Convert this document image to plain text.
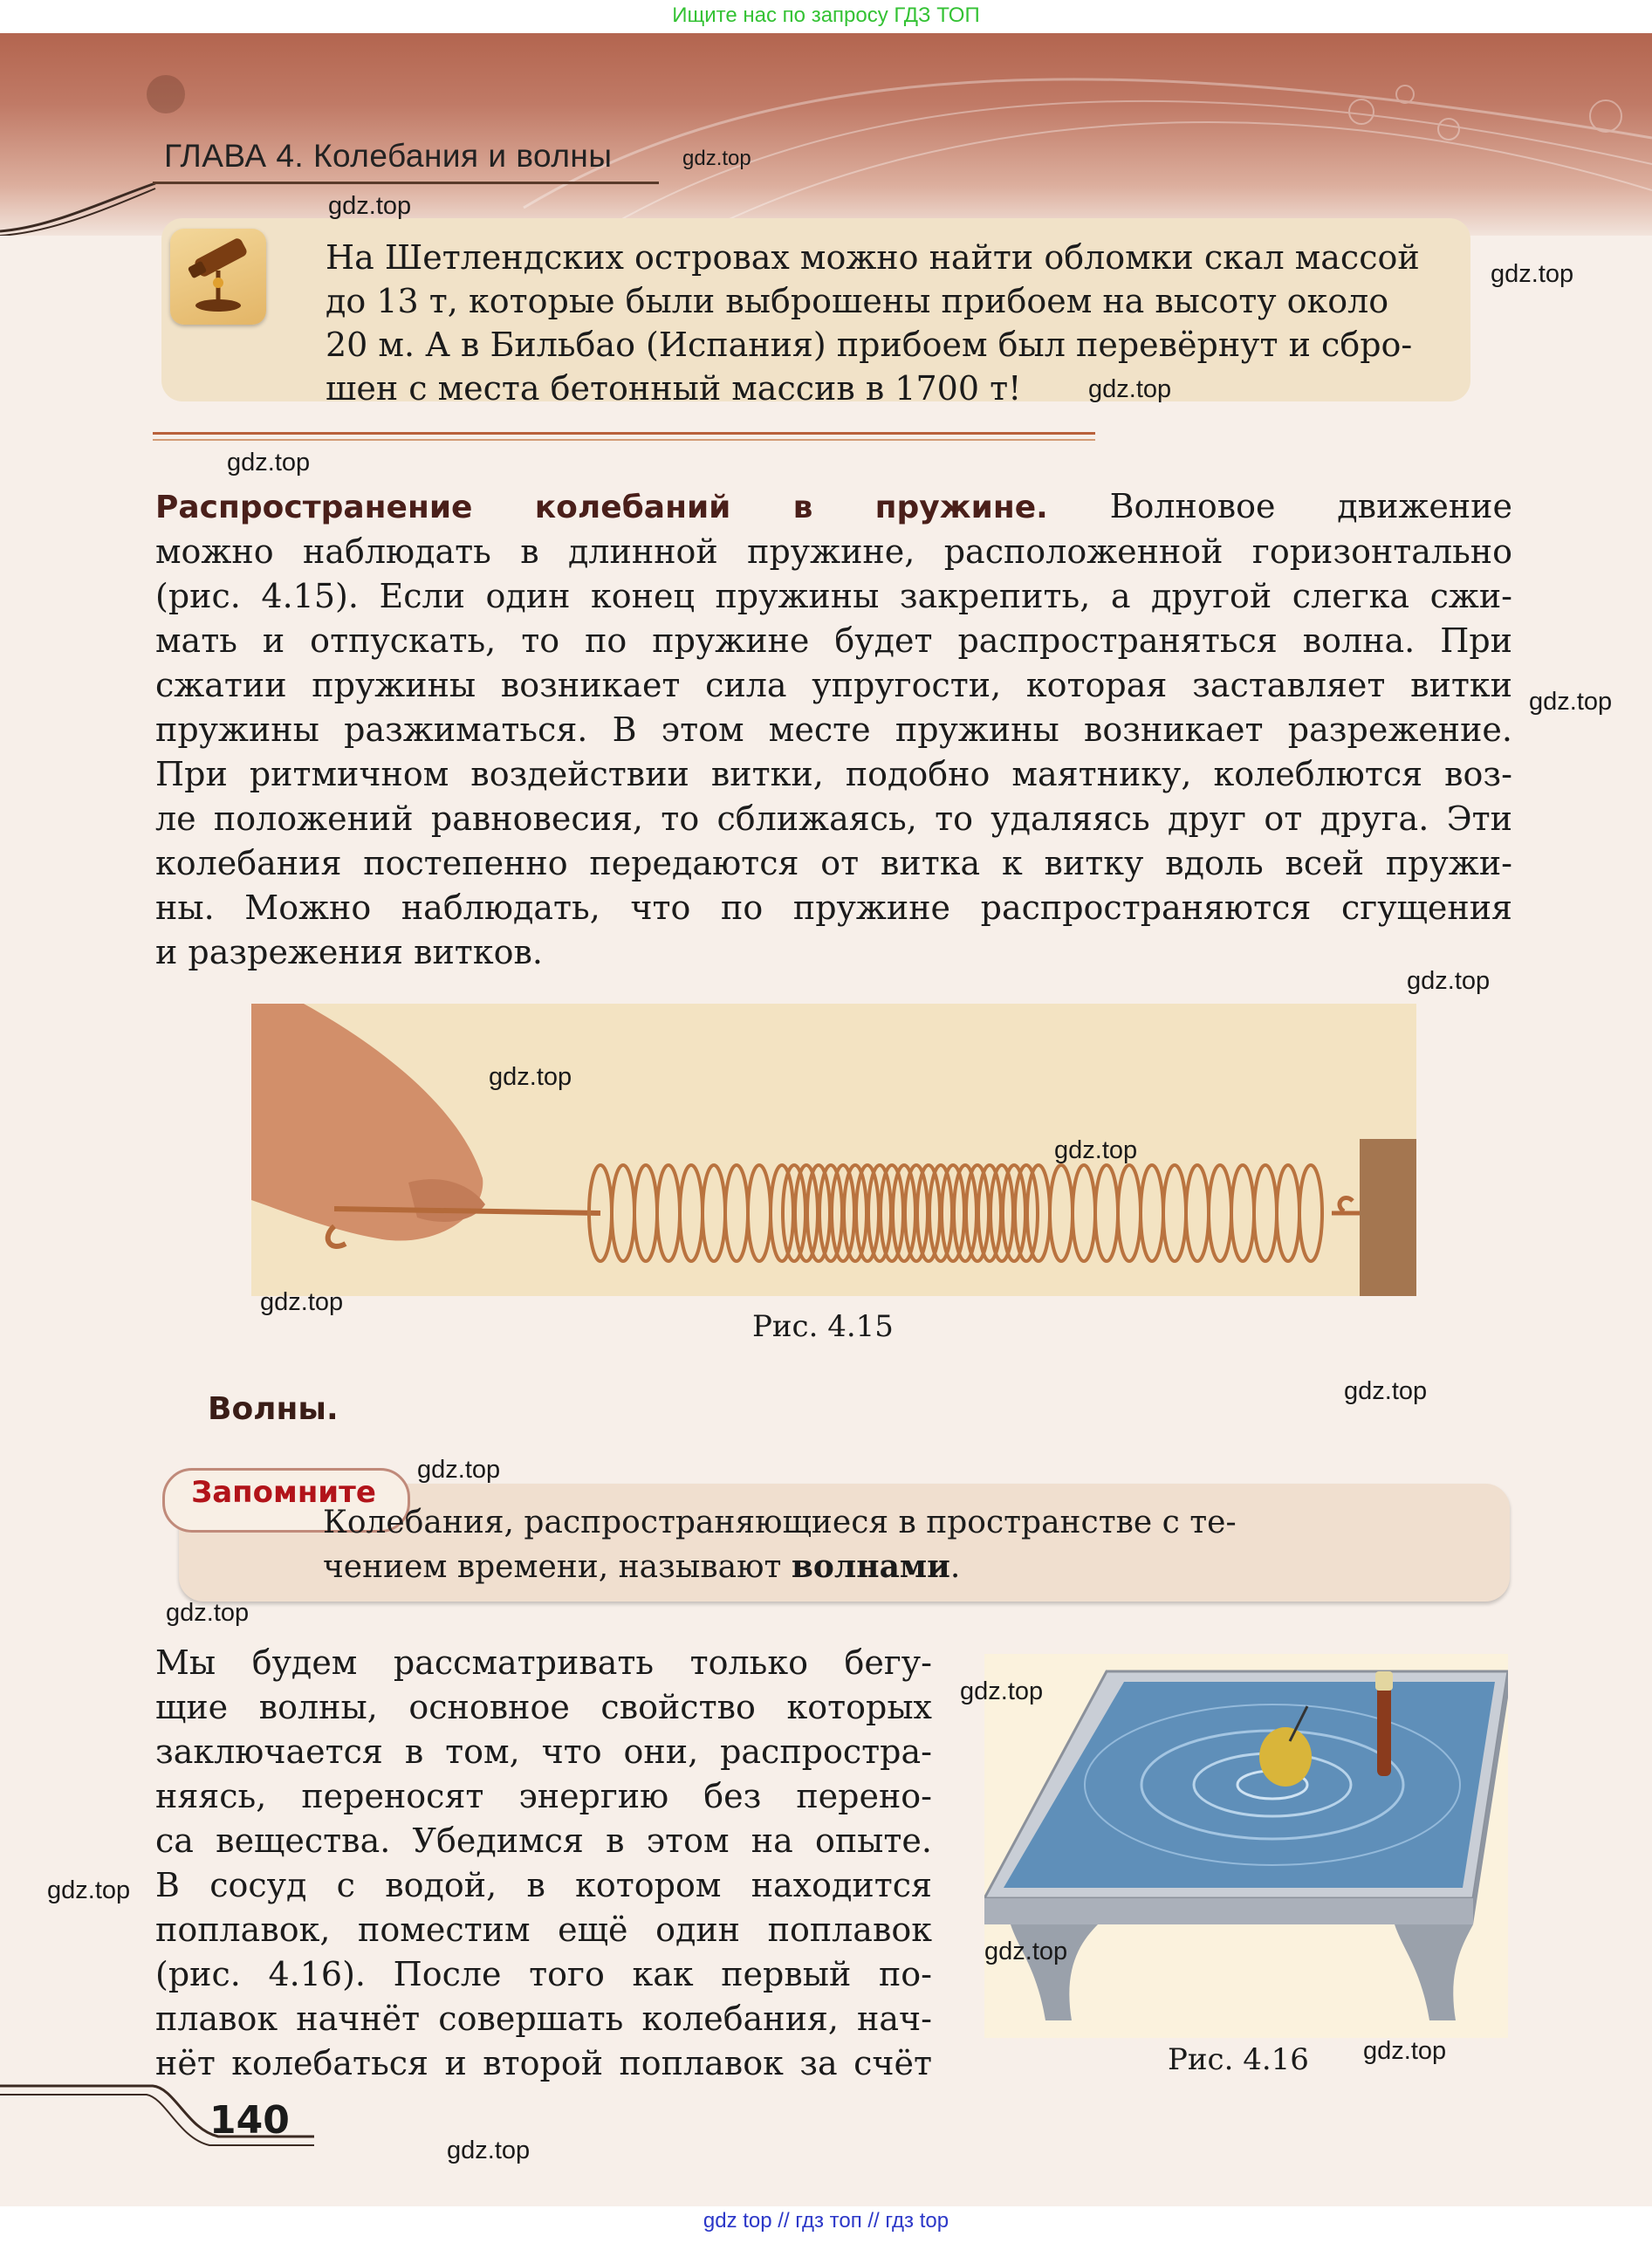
Ищите нас по запросу ГДЗ ТОП
ГЛАВА 4. Колебания и волны
На Шетлендских островах можно найти обломки скал массой
до 13 т, которые были выброшены прибоем на высоту около
20 м. А в Бильбао (Испания) прибоем был перевёрнут и сбро-
шен с места бетонный массив в 1700 т!
Распространение колебаний в пружине. Волновое движение
можно наблюдать в длинной пружине, расположенной горизонтально
(рис. 4.15). Если один конец пружины закрепить, а другой слегка сжи-
мать и отпускать, то по пружине будет распространяться волна. При
сжатии пружины возникает сила упругости, которая заставляет витки
пружины разжиматься. В этом месте пружины возникает разрежение.
При ритмичном воздействии витки, подобно маятнику, колеблются воз-
ле положений равновесия, то сближаясь, то удаляясь друг от друга. Эти
колебания постепенно передаются от витка к витку вдоль всей пружи-
ны. Можно наблюдать, что по пружине распространяются сгущения
и разрежения витков.
Рис. 4.15
Волны.
Запомните
Колебания, распространяющиеся в пространстве с те-
чением времени, называют волнами.
Мы будем рассматривать только бегу-
щие волны, основное свойство которых
заключается в том, что они, распростра-
няясь, переносят энергию без перено-
са вещества. Убедимся в этом на опыте.
В сосуд с водой, в котором находится
поплавок, поместим ещё один поплавок
(рис. 4.16). После того как первый по-
плавок начнёт совершать колебания, нач-
нёт колебаться и второй поплавок за счёт	Рис. 4.16
140
gdz.top
gdz.top
gdz.top
gdz.top
gdz.top
gdz.top
gdz.top
gdz.top
gdz.top
gdz.top
gdz.top
gdz.top
gdz.top
gdz.top
gdz.top
gdz.top
gdz.top
gdz.top
gdz top // гдз топ // гдз top
